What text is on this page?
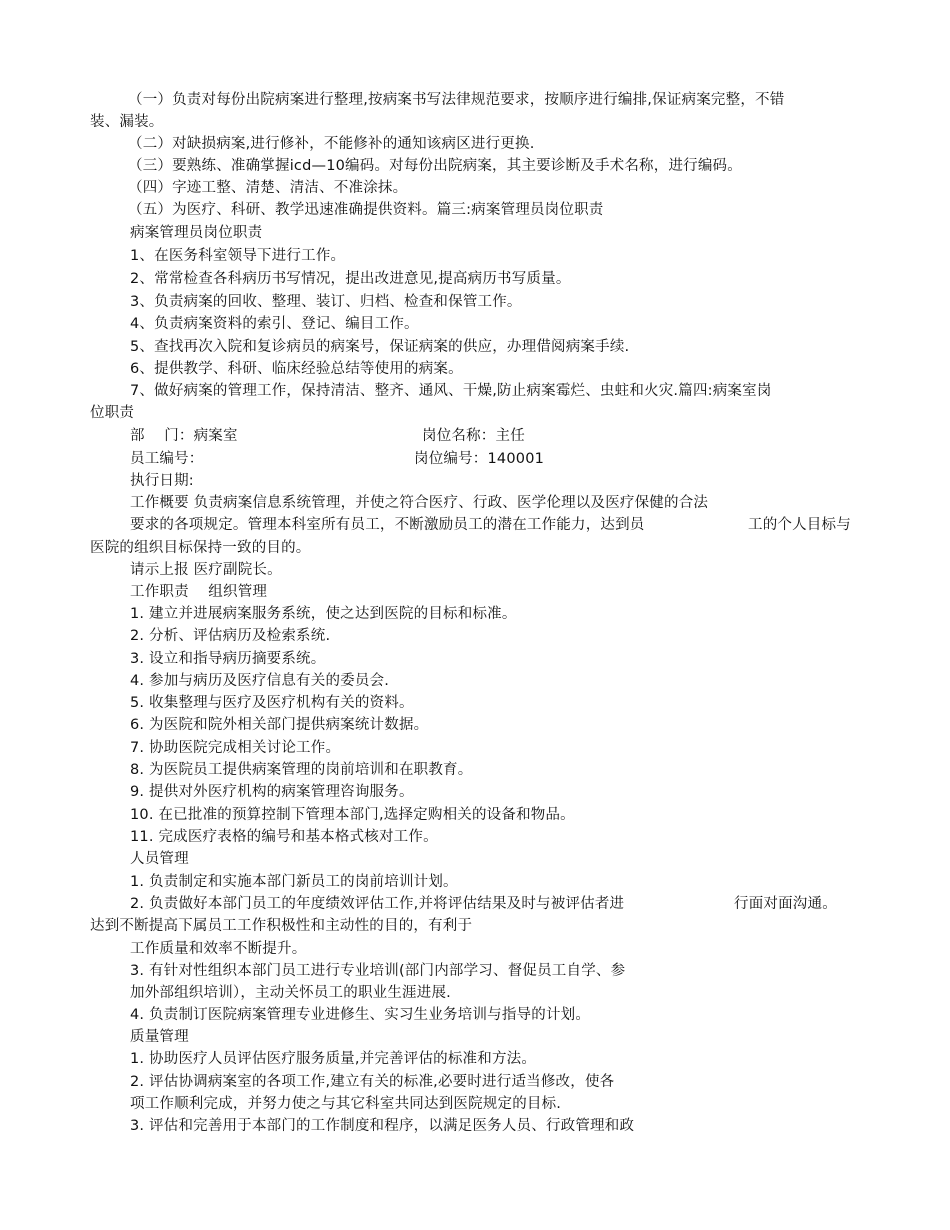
（一）负责对每份出院病案进行整理,按病案书写法律规范要求，按顺序进行编排,保证病案完整，不错
装、漏装。
（二）对缺损病案,进行修补，不能修补的通知该病区进行更换.
（三）要熟练、准确掌握icd—10编码。对每份出院病案，其主要诊断及手术名称，进行编码。
（四）字迹工整、清楚、清洁、不准涂抹。
（五）为医疗、科研、教学迅速准确提供资料。篇三:病案管理员岗位职责
病案管理员岗位职责
1、在医务科室领导下进行工作。
2、常常检查各科病历书写情况，提出改进意见,提高病历书写质量。
3、负责病案的回收、整理、装订、归档、检查和保管工作。
4、负责病案资料的索引、登记、编目工作。
5、查找再次入院和复诊病员的病案号，保证病案的供应，办理借阅病案手续.
6、提供教学、科研、临床经验总结等使用的病案。
7、做好病案的管理工作，保持清洁、整齐、通风、干燥,防止病案霉烂、虫蛀和火灾.篇四:病案室岗
位职责
部　 门：病案室	岗位名称：主任
员工编号：	岗位编号：140001
执行日期:
工作概要 负责病案信息系统管理，并使之符合医疗、行政、医学伦理以及医疗保健的合法
要求的各项规定。管理本科室所有员工，不断激励员工的潜在工作能力，达到员	工的个人目标与
医院的组织目标保持一致的目的。
请示上报 医疗副院长。
工作职责　 组织管理
1. 建立并进展病案服务系统，使之达到医院的目标和标准。
2. 分析、评估病历及检索系统.
3. 设立和指导病历摘要系统。
4. 参加与病历及医疗信息有关的委员会.
5. 收集整理与医疗及医疗机构有关的资料。
6. 为医院和院外相关部门提供病案统计数据。
7. 协助医院完成相关讨论工作。
8. 为医院员工提供病案管理的岗前培训和在职教育。
9. 提供对外医疗机构的病案管理咨询服务。
10. 在已批准的预算控制下管理本部门,选择定购相关的设备和物品。
11. 完成医疗表格的编号和基本格式核对工作。
人员管理
1. 负责制定和实施本部门新员工的岗前培训计划。
2. 负责做好本部门员工的年度绩效评估工作,并将评估结果及时与被评估者进	行面对面沟通。
达到不断提高下属员工工作积极性和主动性的目的，有利于
工作质量和效率不断提升。
3. 有针对性组织本部门员工进行专业培训(部门内部学习、督促员工自学、参
加外部组织培训），主动关怀员工的职业生涯进展.
4. 负责制订医院病案管理专业进修生、实习生业务培训与指导的计划。
质量管理
1. 协助医疗人员评估医疗服务质量,并完善评估的标准和方法。
2. 评估协调病案室的各项工作,建立有关的标准,必要时进行适当修改，使各
项工作顺利完成，并努力使之与其它科室共同达到医院规定的目标.
3. 评估和完善用于本部门的工作制度和程序，以满足医务人员、行政管理和政
